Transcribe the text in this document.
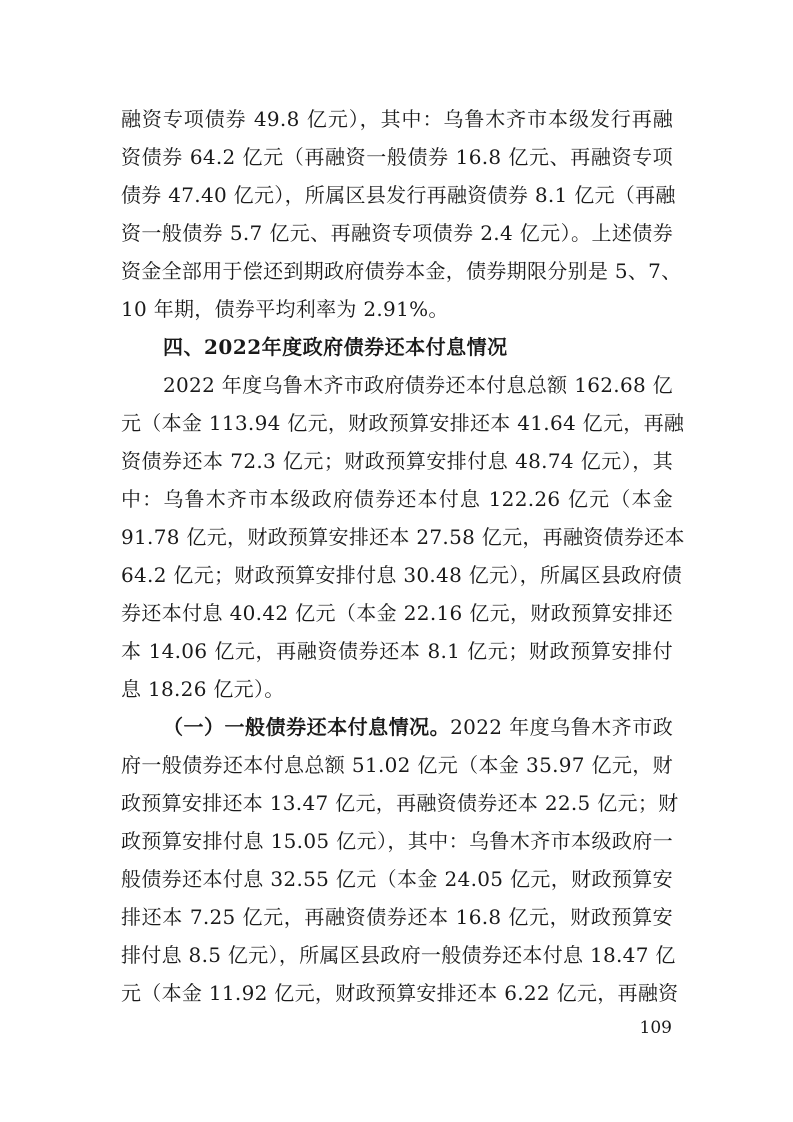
融资专项债券 49.8 亿元），其中：乌鲁木齐市本级发行再融
资债券 64.2 亿元（再融资一般债券 16.8 亿元、再融资专项
债券 47.40 亿元），所属区县发行再融资债券 8.1 亿元（再融
资一般债券 5.7 亿元、再融资专项债券 2.4 亿元）。上述债券
资金全部用于偿还到期政府债券本金，债券期限分别是 5、7、
10 年期，债券平均利率为 2.91%。
四、2022年度政府债券还本付息情况
2022 年度乌鲁木齐市政府债券还本付息总额 162.68 亿
元（本金 113.94 亿元，财政预算安排还本 41.64 亿元，再融
资债券还本 72.3 亿元；财政预算安排付息 48.74 亿元），其
中：乌鲁木齐市本级政府债券还本付息 122.26 亿元（本金
91.78 亿元，财政预算安排还本 27.58 亿元，再融资债券还本
64.2 亿元；财政预算安排付息 30.48 亿元），所属区县政府债
券还本付息 40.42 亿元（本金 22.16 亿元，财政预算安排还
本 14.06 亿元，再融资债券还本 8.1 亿元；财政预算安排付
息 18.26 亿元）。
（一）一般债券还本付息情况。2022 年度乌鲁木齐市政
府一般债券还本付息总额 51.02 亿元（本金 35.97 亿元，财
政预算安排还本 13.47 亿元，再融资债券还本 22.5 亿元；财
政预算安排付息 15.05 亿元），其中：乌鲁木齐市本级政府一
般债券还本付息 32.55 亿元（本金 24.05 亿元，财政预算安
排还本 7.25 亿元，再融资债券还本 16.8 亿元，财政预算安
排付息 8.5 亿元），所属区县政府一般债券还本付息 18.47 亿
元（本金 11.92 亿元，财政预算安排还本 6.22 亿元，再融资
109
